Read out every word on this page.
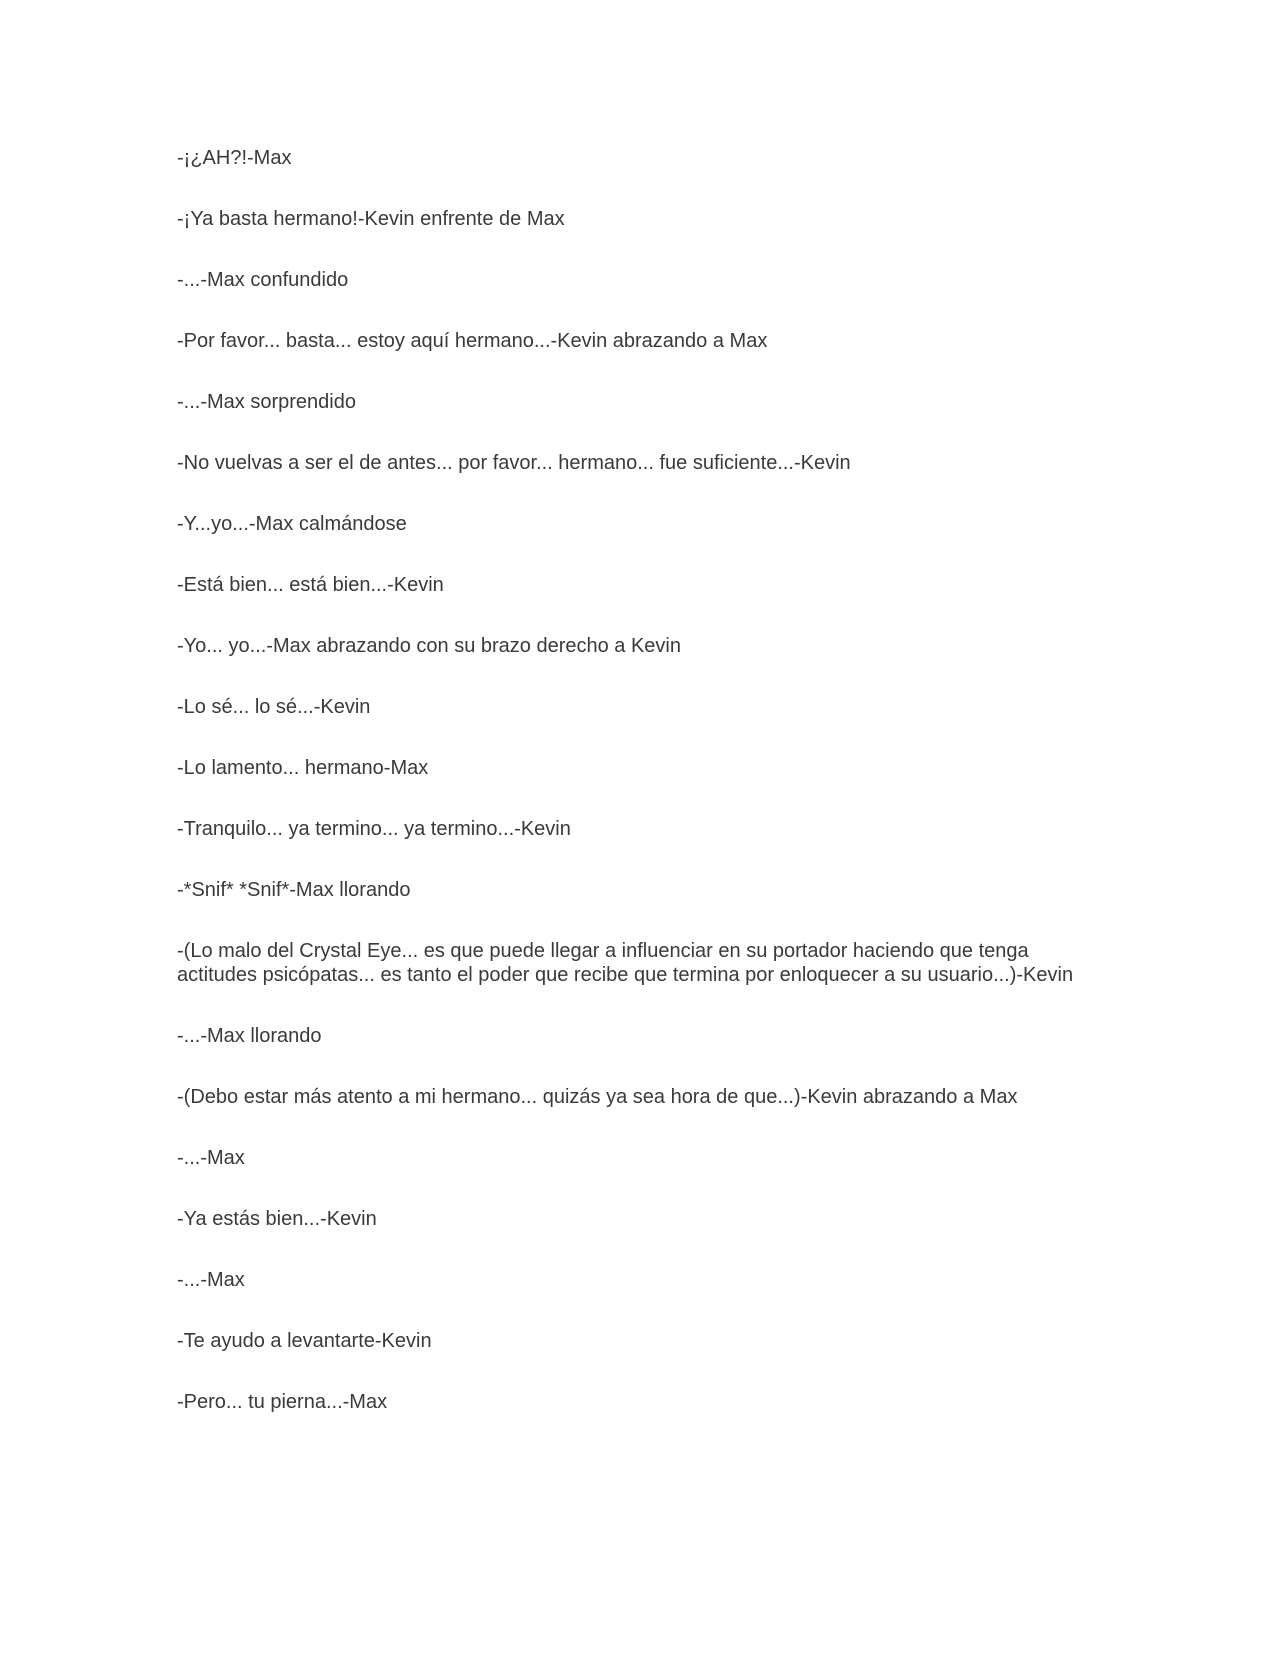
-¡¿AH?!-Max

-¡Ya basta hermano!-Kevin enfrente de Max

-...-Max confundido

-Por favor... basta... estoy aquí hermano...-Kevin abrazando a Max

-...-Max sorprendido

-No vuelvas a ser el de antes... por favor... hermano... fue suficiente...-Kevin

-Y...yo...-Max calmándose

-Está bien... está bien...-Kevin

-Yo... yo...-Max abrazando con su brazo derecho a Kevin

-Lo sé... lo sé...-Kevin

-Lo lamento... hermano-Max

-Tranquilo... ya termino... ya termino...-Kevin

-*Snif* *Snif*-Max llorando

-(Lo malo del Crystal Eye... es que puede llegar a influenciar en su portador haciendo que tenga actitudes psicópatas... es tanto el poder que recibe que termina por enloquecer a su usuario...)-Kevin

-...-Max llorando

-(Debo estar más atento a mi hermano... quizás ya sea hora de que...)-Kevin abrazando a Max

-...-Max

-Ya estás bien...-Kevin

-...-Max

-Te ayudo a levantarte-Kevin

-Pero... tu pierna...-Max
